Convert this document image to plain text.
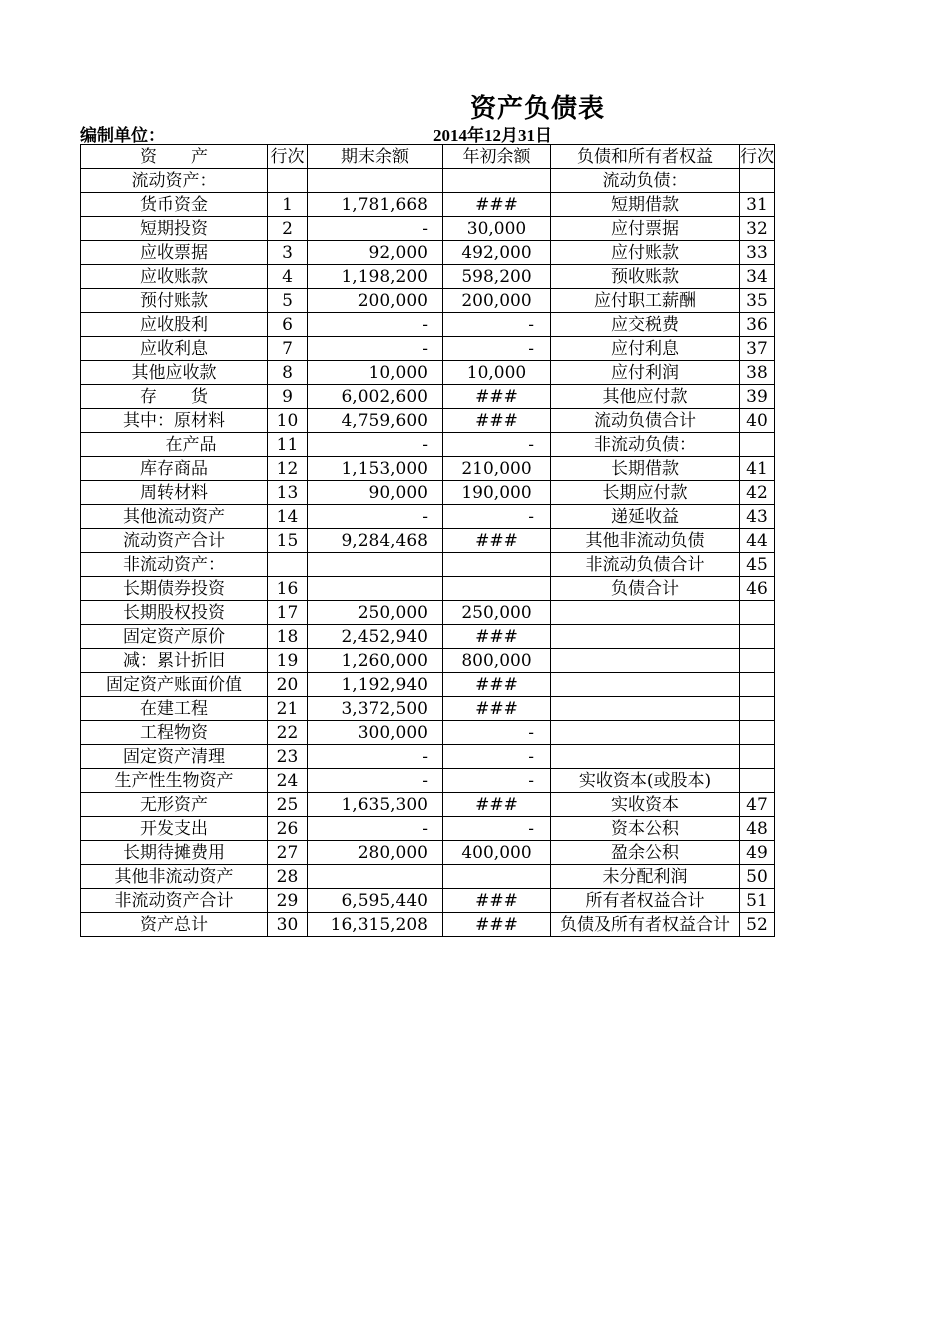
资产负债表
编制单位：	2014年12月31日
资　　产	行次	期末余额	年初余额	负债和所有者权益	行次
流动资产：				流动负债：	
货币资金	1	1,781,668	###	短期借款	31
短期投资	2	-	30,000	应付票据	32
应收票据	3	92,000	492,000	应付账款	33
应收账款	4	1,198,200	598,200	预收账款	34
预付账款	5	200,000	200,000	应付职工薪酬	35
应收股利	6	-	-	应交税费	36
应收利息	7	-	-	应付利息	37
其他应收款	8	10,000	10,000	应付利润	38
存　　货	9	6,002,600	###	其他应付款	39
其中：原材料	10	4,759,600	###	流动负债合计	40
　　在产品	11	-	-	非流动负债：	
库存商品	12	1,153,000	210,000	长期借款	41
周转材料	13	90,000	190,000	长期应付款	42
其他流动资产	14	-	-	递延收益	43
流动资产合计	15	9,284,468	###	其他非流动负债	44
非流动资产：				非流动负债合计	45
长期债券投资	16			负债合计	46
长期股权投资	17	250,000	250,000		
固定资产原价	18	2,452,940	###		
减：累计折旧	19	1,260,000	800,000		
固定资产账面价值	20	1,192,940	###		
在建工程	21	3,372,500	###		
工程物资	22	300,000	-		
固定资产清理	23	-	-		
生产性生物资产	24	-	-	实收资本(或股本)	
无形资产	25	1,635,300	###	实收资本	47
开发支出	26	-	-	资本公积	48
长期待摊费用	27	280,000	400,000	盈余公积	49
其他非流动资产	28			未分配利润	50
非流动资产合计	29	6,595,440	###	所有者权益合计	51
资产总计	30	16,315,208	###	负债及所有者权益合计	52
